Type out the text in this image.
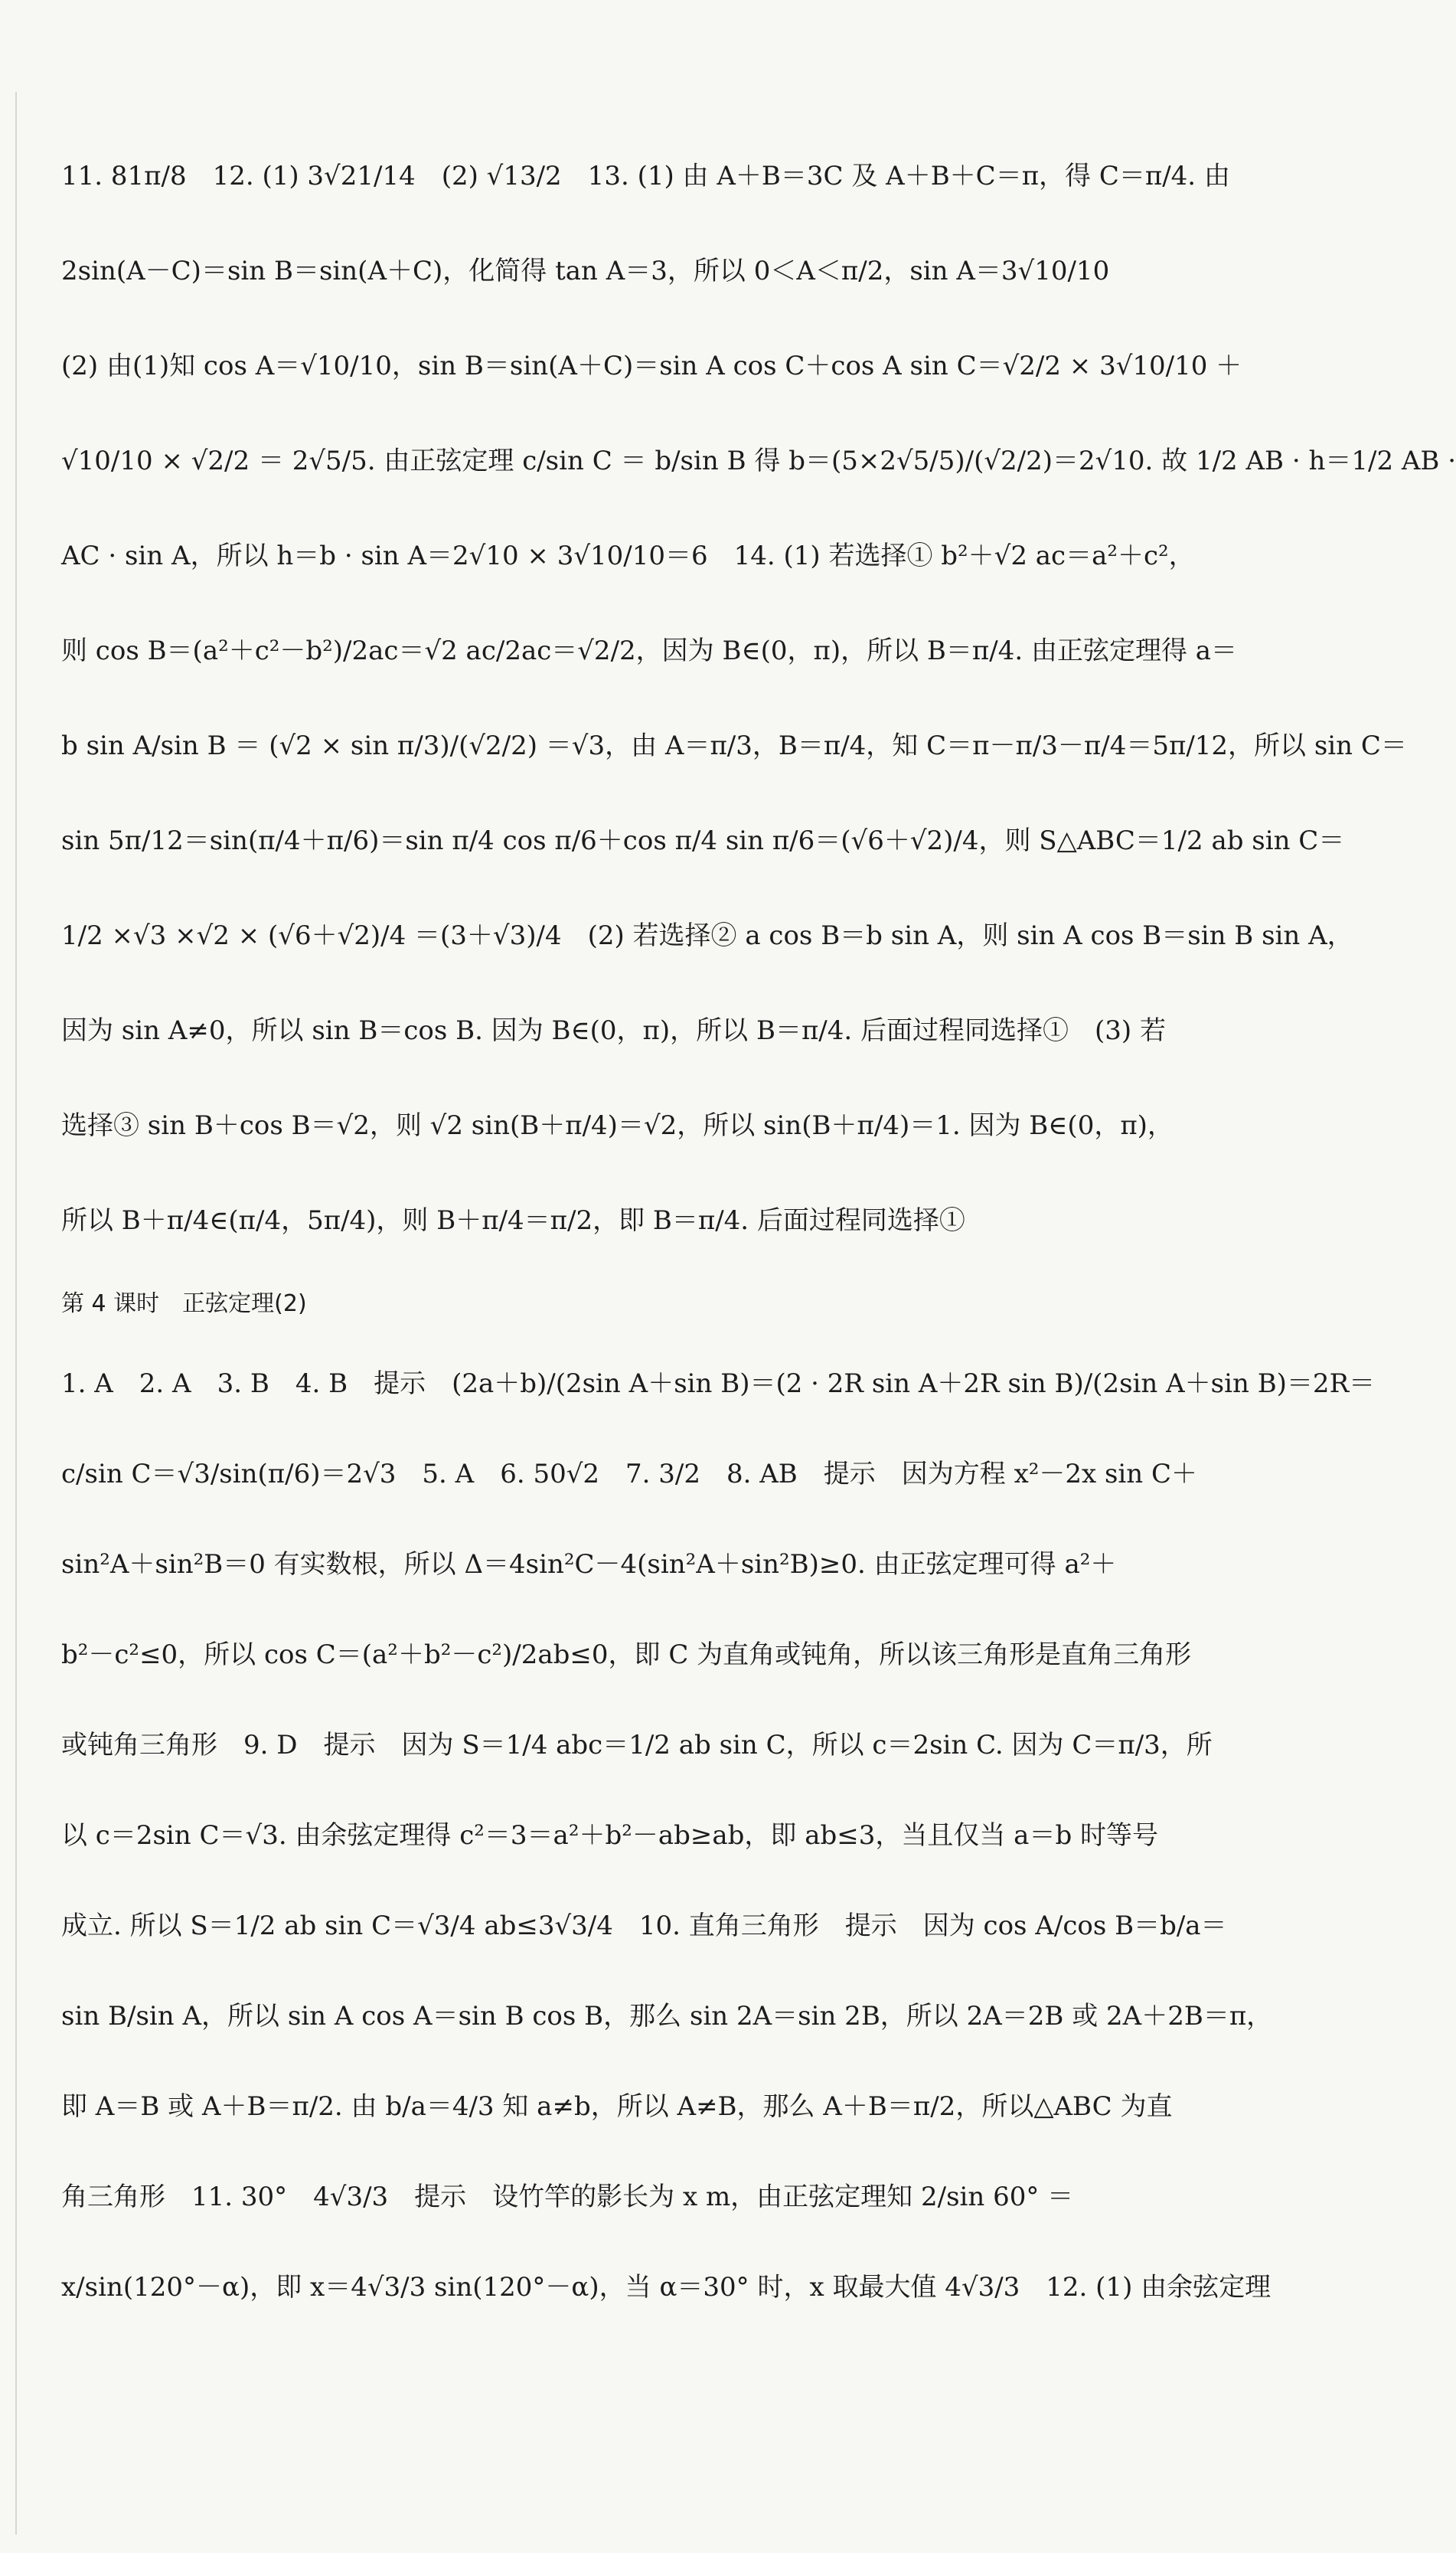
11. 81π/8　12. (1) 3√21/14　(2) √13/2　13. (1) 由 A＋B＝3C 及 A＋B＋C＝π，得 C＝π/4. 由
2sin(A－C)＝sin B＝sin(A＋C)，化简得 tan A＝3，所以 0＜A＜π/2，sin A＝3√10/10
(2) 由(1)知 cos A＝√10/10，sin B＝sin(A＋C)＝sin A cos C＋cos A sin C＝√2/2 × 3√10/10 ＋
√10/10 × √2/2 ＝ 2√5/5. 由正弦定理 c/sin C ＝ b/sin B 得 b＝(5×2√5/5)/(√2/2)＝2√10. 故 1/2 AB · h＝1/2 AB ·
AC · sin A，所以 h＝b · sin A＝2√10 × 3√10/10＝6　14. (1) 若选择① b²＋√2 ac＝a²＋c²，
则 cos B＝(a²＋c²－b²)/2ac＝√2 ac/2ac＝√2/2，因为 B∈(0，π)，所以 B＝π/4. 由正弦定理得 a＝
b sin A/sin B ＝ (√2 × sin π/3)/(√2/2) ＝√3，由 A＝π/3，B＝π/4，知 C＝π－π/3－π/4＝5π/12，所以 sin C＝
sin 5π/12＝sin(π/4＋π/6)＝sin π/4 cos π/6＋cos π/4 sin π/6＝(√6＋√2)/4，则 S△ABC＝1/2 ab sin C＝
1/2 ×√3 ×√2 × (√6＋√2)/4 ＝(3＋√3)/4　(2) 若选择② a cos B＝b sin A，则 sin A cos B＝sin B sin A，
因为 sin A≠0，所以 sin B＝cos B. 因为 B∈(0，π)，所以 B＝π/4. 后面过程同选择①　(3) 若
选择③ sin B＋cos B＝√2，则 √2 sin(B＋π/4)＝√2，所以 sin(B＋π/4)＝1. 因为 B∈(0，π)，
所以 B＋π/4∈(π/4，5π/4)，则 B＋π/4＝π/2，即 B＝π/4. 后面过程同选择①
第 4 课时　正弦定理(2)
1. A　2. A　3. B　4. B　提示　(2a＋b)/(2sin A＋sin B)＝(2 · 2R sin A＋2R sin B)/(2sin A＋sin B)＝2R＝
c/sin C＝√3/sin(π/6)＝2√3　5. A　6. 50√2　7. 3/2　8. AB　提示　因为方程 x²－2x sin C＋
sin²A＋sin²B＝0 有实数根，所以 Δ＝4sin²C－4(sin²A＋sin²B)≥0. 由正弦定理可得 a²＋
b²－c²≤0，所以 cos C＝(a²＋b²－c²)/2ab≤0，即 C 为直角或钝角，所以该三角形是直角三角形
或钝角三角形　9. D　提示　因为 S＝1/4 abc＝1/2 ab sin C，所以 c＝2sin C. 因为 C＝π/3，所
以 c＝2sin C＝√3. 由余弦定理得 c²＝3＝a²＋b²－ab≥ab，即 ab≤3，当且仅当 a＝b 时等号
成立. 所以 S＝1/2 ab sin C＝√3/4 ab≤3√3/4　10. 直角三角形　提示　因为 cos A/cos B＝b/a＝
sin B/sin A，所以 sin A cos A＝sin B cos B，那么 sin 2A＝sin 2B，所以 2A＝2B 或 2A＋2B＝π，
即 A＝B 或 A＋B＝π/2. 由 b/a＝4/3 知 a≠b，所以 A≠B，那么 A＋B＝π/2，所以△ABC 为直
角三角形　11. 30°　4√3/3　提示　设竹竿的影长为 x m，由正弦定理知 2/sin 60° ＝
x/sin(120°－α)，即 x＝4√3/3 sin(120°－α)，当 α＝30° 时，x 取最大值 4√3/3　12. (1) 由余弦定理
